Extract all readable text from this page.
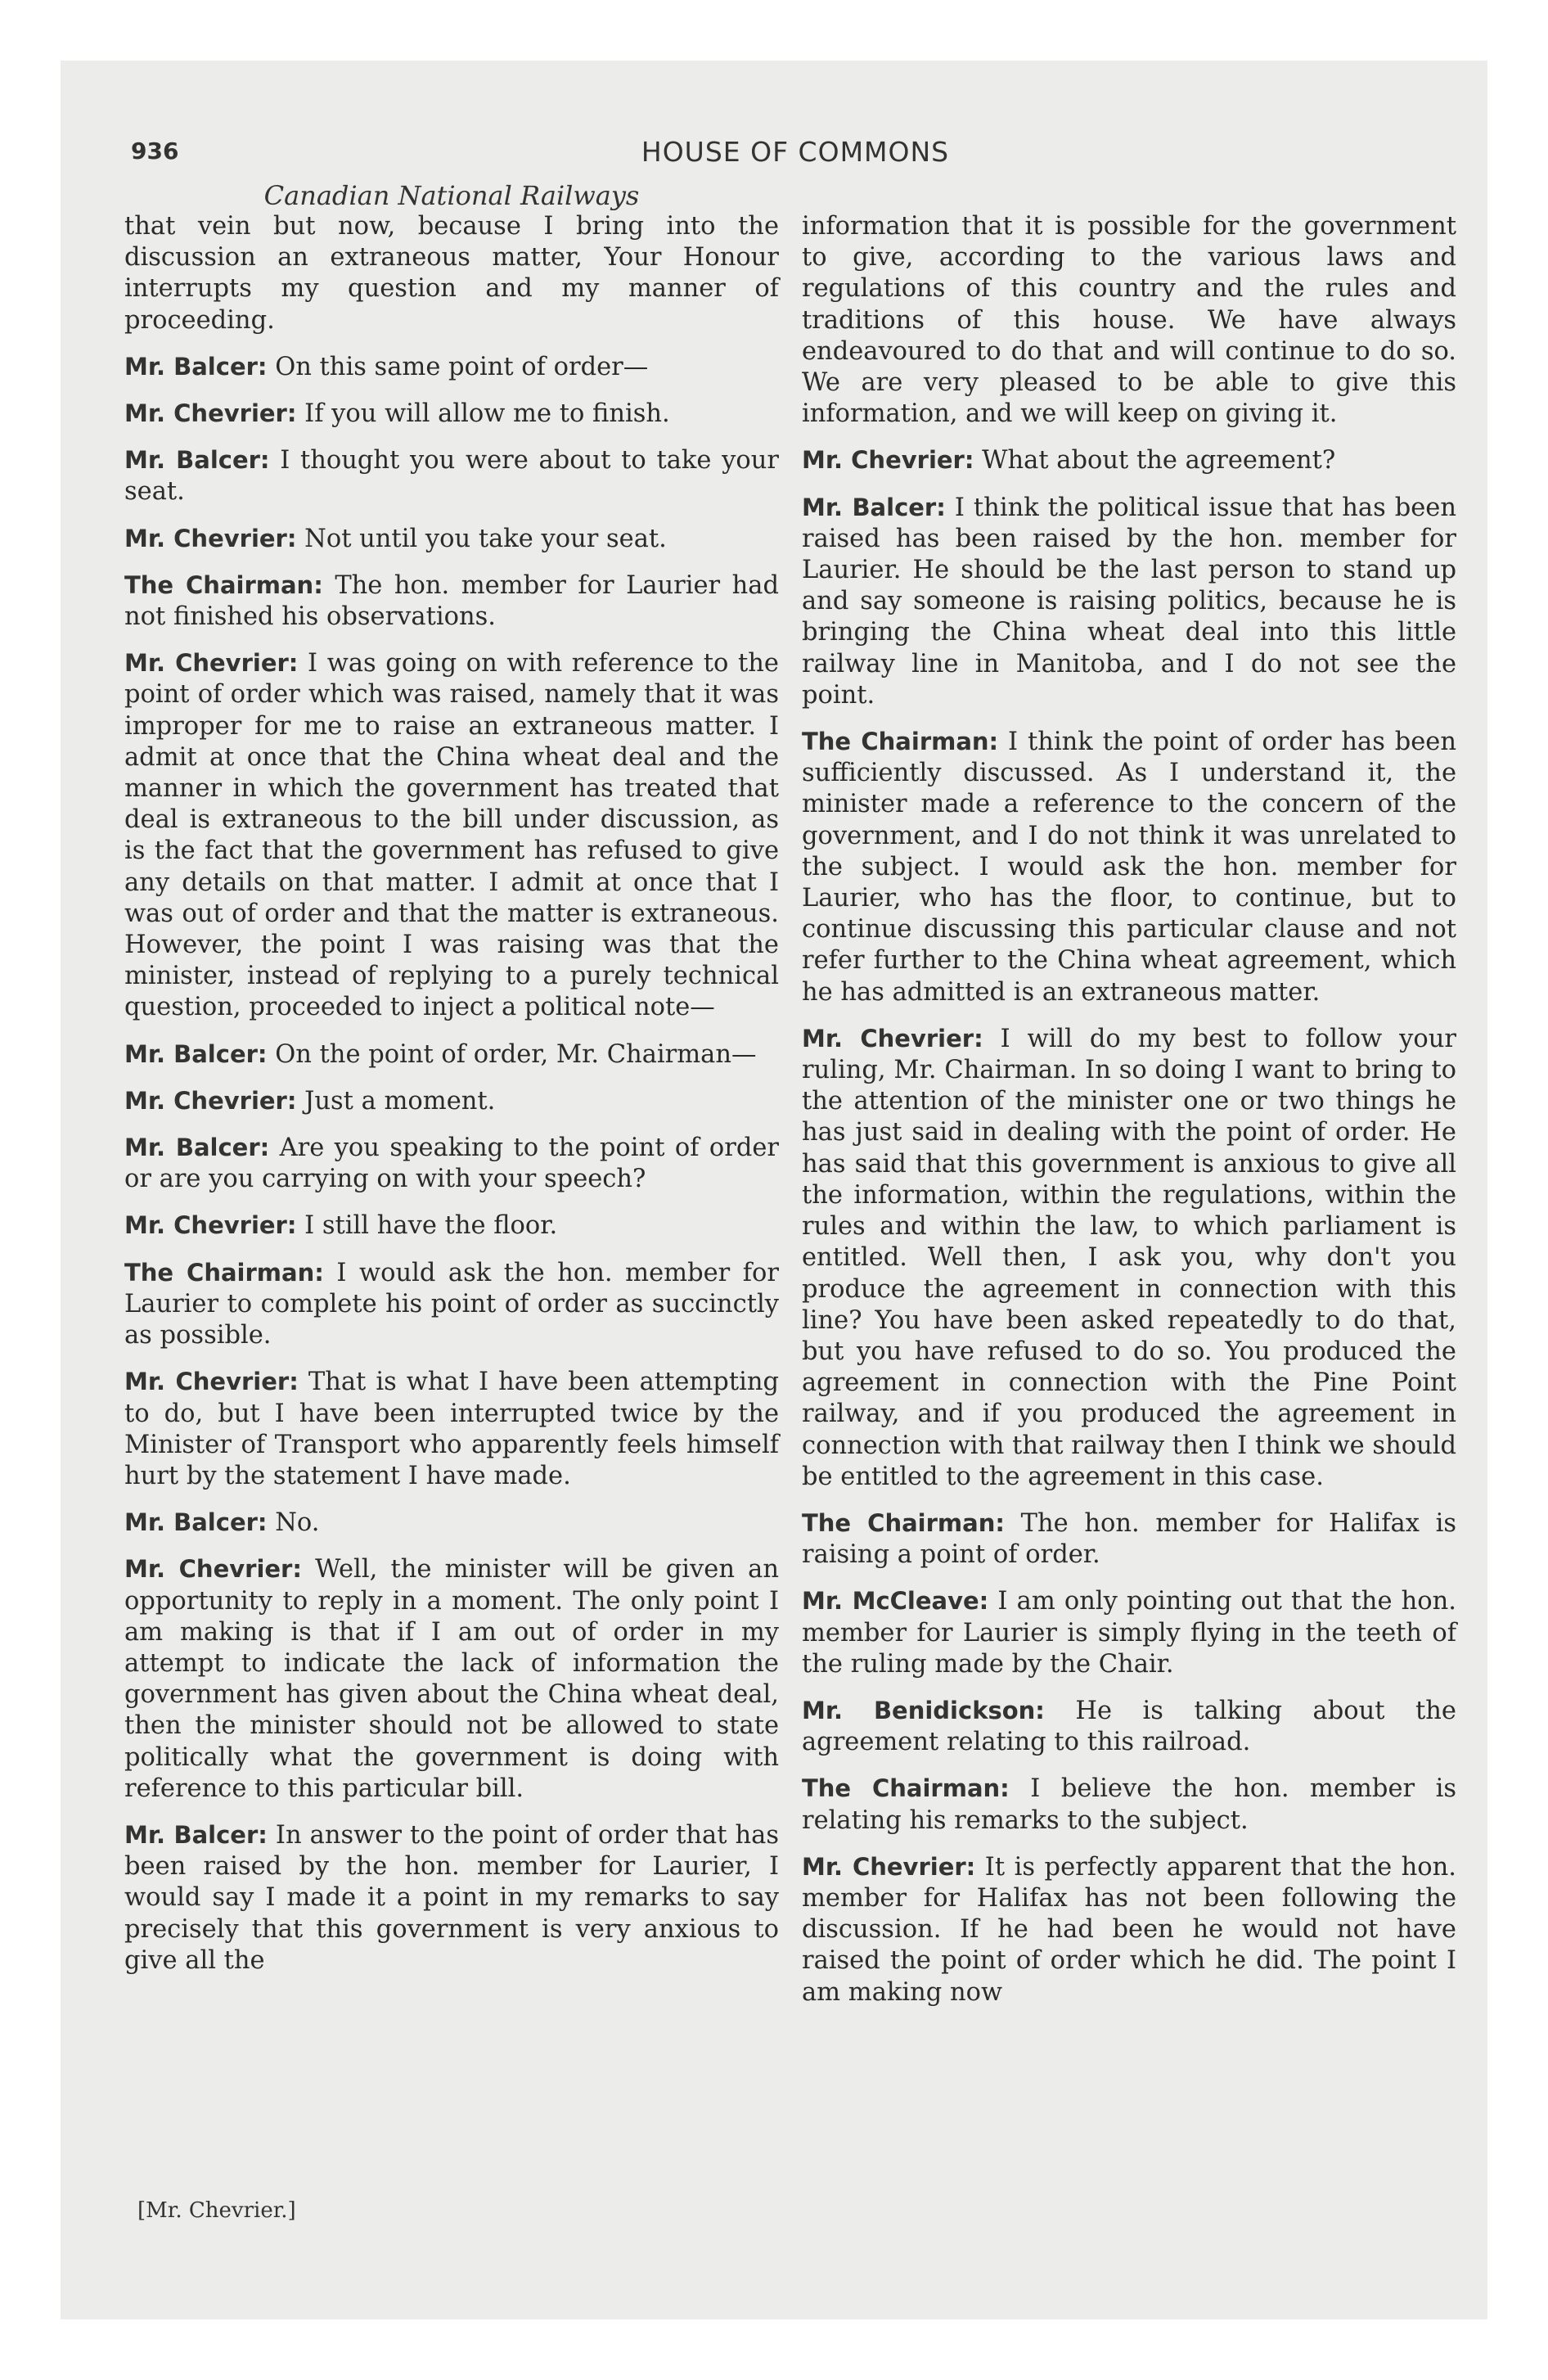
936	HOUSE OF COMMONS
Canadian National Railways

that vein but now, because I bring into the discussion an extraneous matter, Your Honour interrupts my question and my manner of proceeding.

Mr. Balcer: On this same point of order—

Mr. Chevrier: If you will allow me to finish.

Mr. Balcer: I thought you were about to take your seat.

Mr. Chevrier: Not until you take your seat.

The Chairman: The hon. member for Laurier had not finished his observations.

Mr. Chevrier: I was going on with reference to the point of order which was raised, namely that it was improper for me to raise an extraneous matter. I admit at once that the China wheat deal and the manner in which the government has treated that deal is extraneous to the bill under discussion, as is the fact that the government has refused to give any details on that matter. I admit at once that I was out of order and that the matter is extraneous. However, the point I was raising was that the minister, instead of replying to a purely technical question, proceeded to inject a political note—

Mr. Balcer: On the point of order, Mr. Chairman—

Mr. Chevrier: Just a moment.

Mr. Balcer: Are you speaking to the point of order or are you carrying on with your speech?

Mr. Chevrier: I still have the floor.

The Chairman: I would ask the hon. member for Laurier to complete his point of order as succinctly as possible.

Mr. Chevrier: That is what I have been attempting to do, but I have been interrupted twice by the Minister of Transport who apparently feels himself hurt by the statement I have made.

Mr. Balcer: No.

Mr. Chevrier: Well, the minister will be given an opportunity to reply in a moment. The only point I am making is that if I am out of order in my attempt to indicate the lack of information the government has given about the China wheat deal, then the minister should not be allowed to state politically what the government is doing with reference to this particular bill.

Mr. Balcer: In answer to the point of order that has been raised by the hon. member for Laurier, I would say I made it a point in my remarks to say precisely that this government is very anxious to give all the

information that it is possible for the government to give, according to the various laws and regulations of this country and the rules and traditions of this house. We have always endeavoured to do that and will continue to do so. We are very pleased to be able to give this information, and we will keep on giving it.

Mr. Chevrier: What about the agreement?

Mr. Balcer: I think the political issue that has been raised has been raised by the hon. member for Laurier. He should be the last person to stand up and say someone is raising politics, because he is bringing the China wheat deal into this little railway line in Manitoba, and I do not see the point.

The Chairman: I think the point of order has been sufficiently discussed. As I understand it, the minister made a reference to the concern of the government, and I do not think it was unrelated to the subject. I would ask the hon. member for Laurier, who has the floor, to continue, but to continue discussing this particular clause and not refer further to the China wheat agreement, which he has admitted is an extraneous matter.

Mr. Chevrier: I will do my best to follow your ruling, Mr. Chairman. In so doing I want to bring to the attention of the minister one or two things he has just said in dealing with the point of order. He has said that this government is anxious to give all the information, within the regulations, within the rules and within the law, to which parliament is entitled. Well then, I ask you, why don't you produce the agreement in connection with this line? You have been asked repeatedly to do that, but you have refused to do so. You produced the agreement in connection with the Pine Point railway, and if you produced the agreement in connection with that railway then I think we should be entitled to the agreement in this case.

The Chairman: The hon. member for Halifax is raising a point of order.

Mr. McCleave: I am only pointing out that the hon. member for Laurier is simply flying in the teeth of the ruling made by the Chair.

Mr. Benidickson: He is talking about the agreement relating to this railroad.

The Chairman: I believe the hon. member is relating his remarks to the subject.

Mr. Chevrier: It is perfectly apparent that the hon. member for Halifax has not been following the discussion. If he had been he would not have raised the point of order which he did. The point I am making now

[Mr. Chevrier.]
